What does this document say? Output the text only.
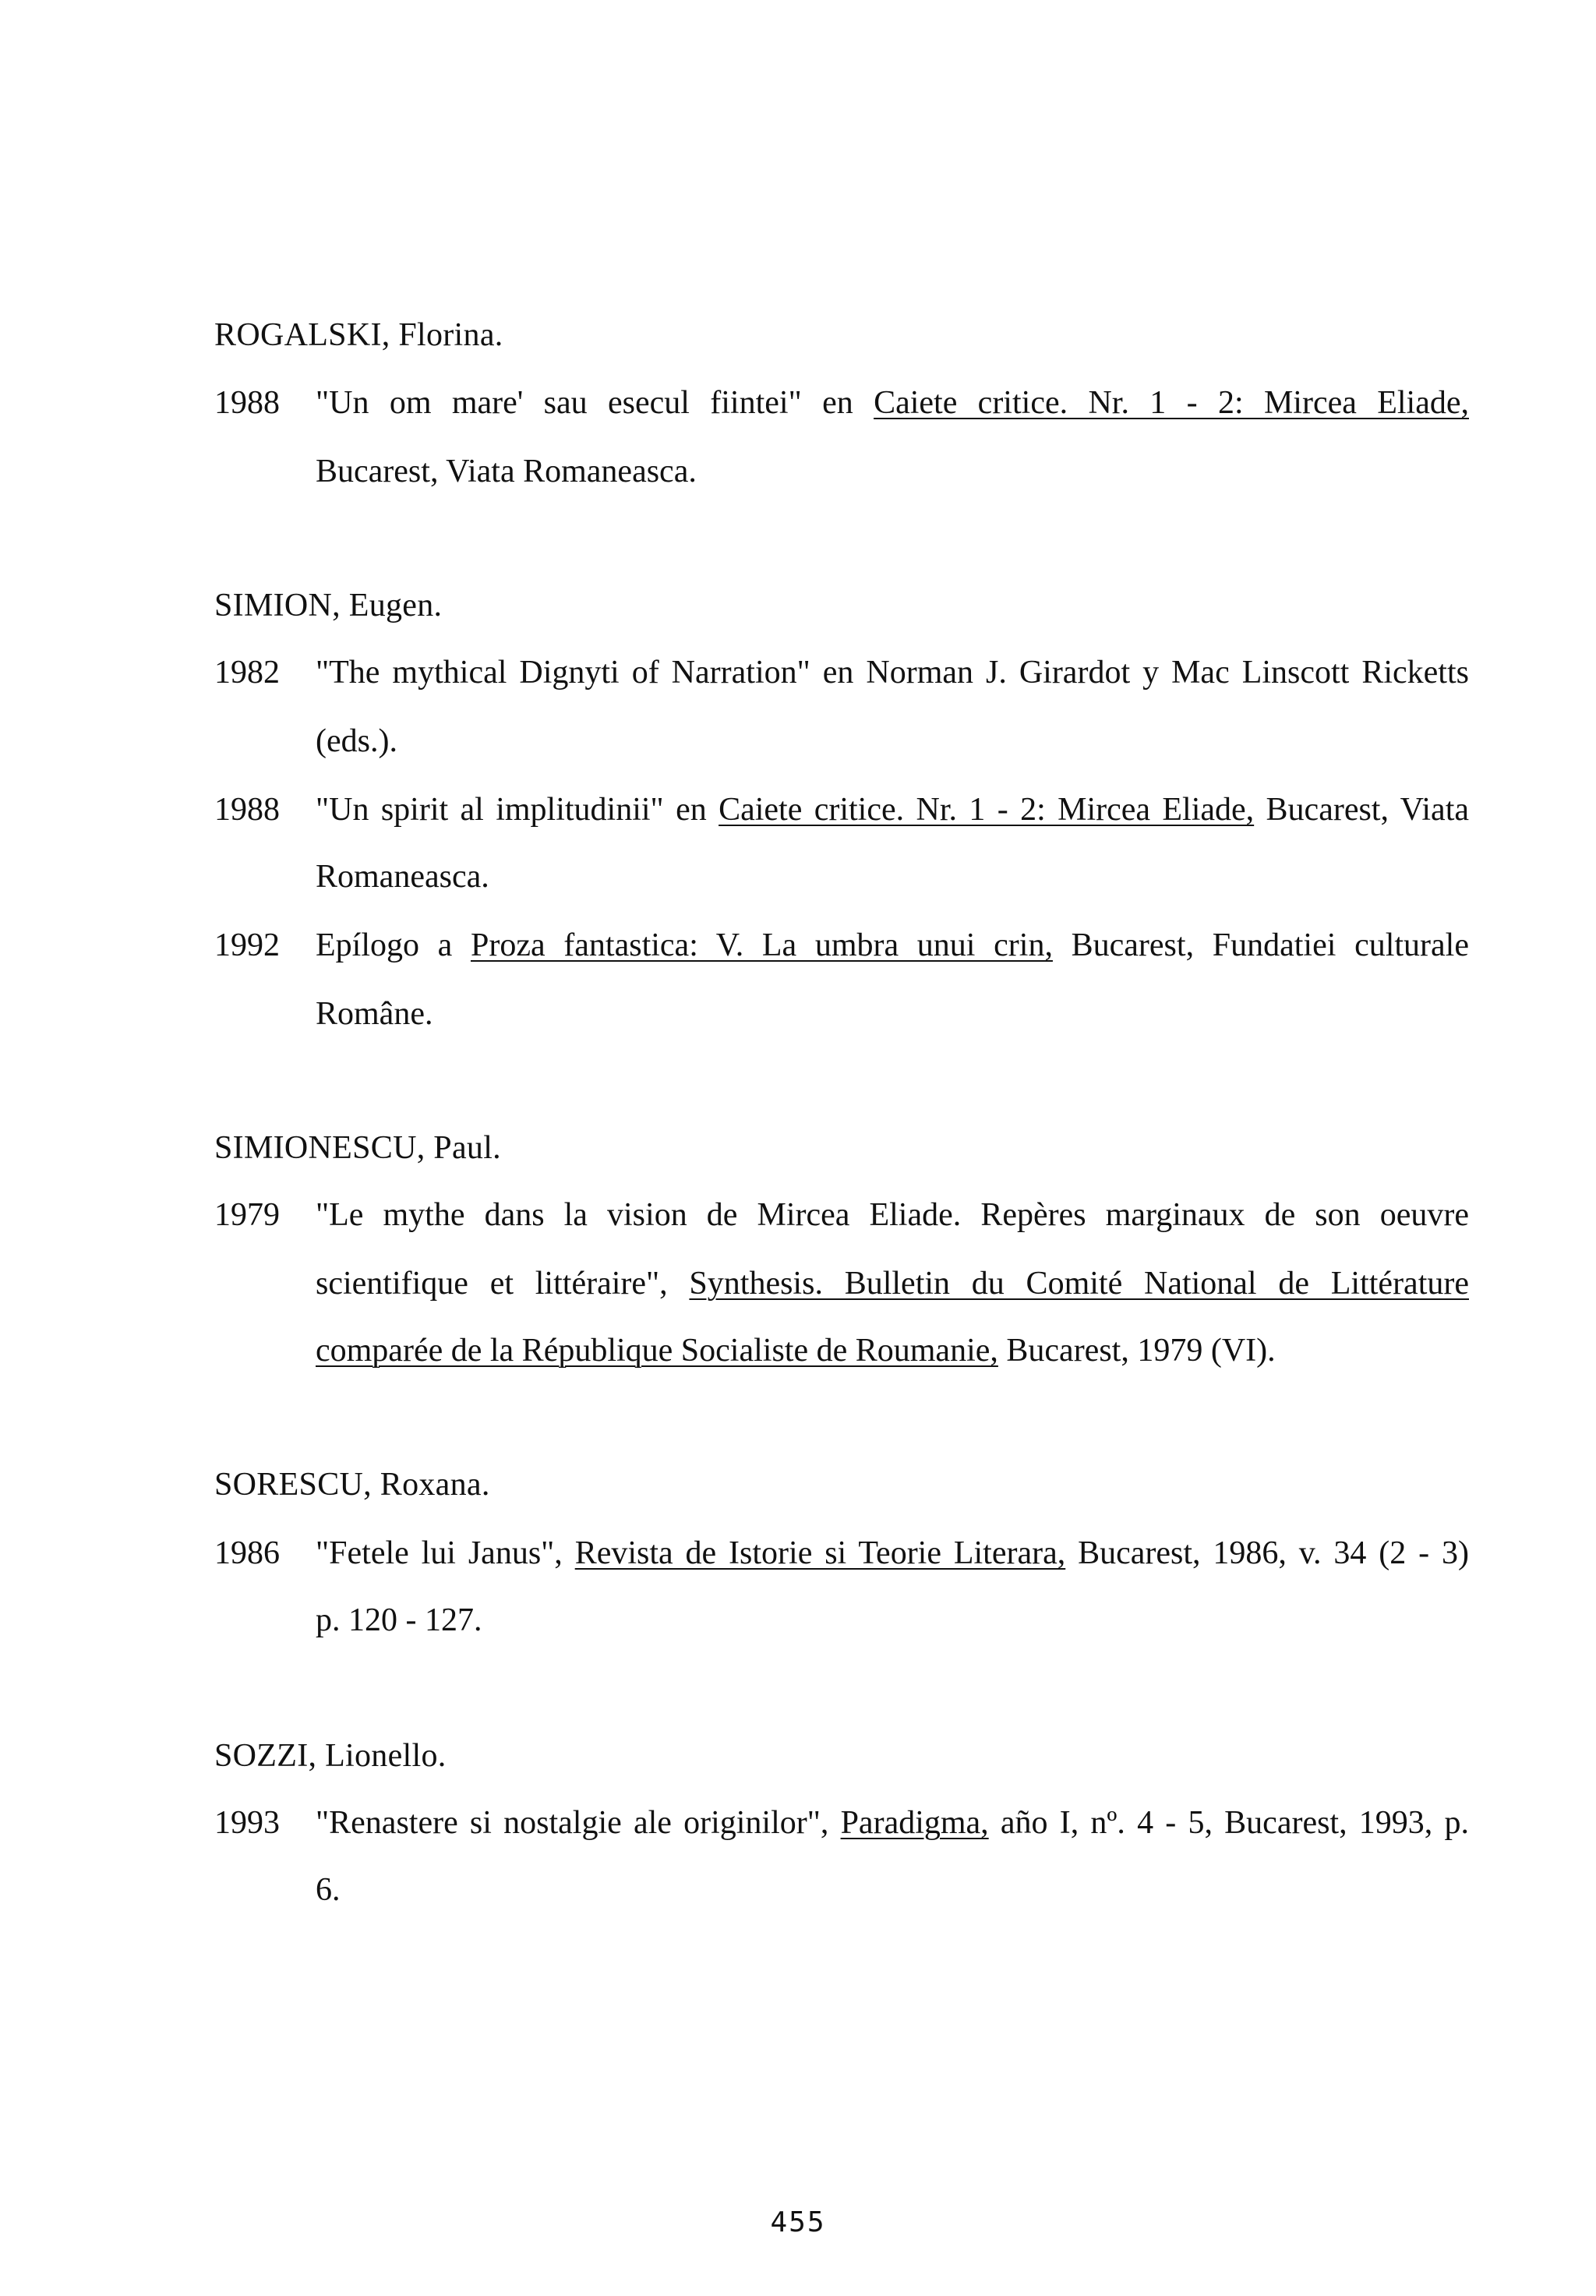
ROGALSKI, Florina.
1988 "Un om mare' sau esecul fiintei" en Caiete critice. Nr. 1 - 2: Mircea Eliade,
Bucarest, Viata Romaneasca.
SIMION, Eugen.
1982 "The mythical Dignyti of Narration" en Norman J. Girardot y Mac Linscott Ricketts
(eds.).
1988 "Un spirit al implitudinii" en Caiete critice. Nr. 1 - 2: Mircea Eliade, Bucarest, Viata
Romaneasca.
1992 Epílogo a Proza fantastica: V. La umbra unui crin, Bucarest, Fundatiei culturale
Române.
SIMIONESCU, Paul.
1979 "Le mythe dans la vision de Mircea Eliade. Repères marginaux de son oeuvre
scientifique et littéraire", Synthesis. Bulletin du Comité National de Littérature
comparée de la République Socialiste de Roumanie, Bucarest, 1979 (VI).
SORESCU, Roxana.
1986 "Fetele lui Janus", Revista de Istorie si Teorie Literara, Bucarest, 1986, v. 34 (2 - 3)
p. 120 - 127.
SOZZI, Lionello.
1993 "Renastere si nostalgie ale originilor", Paradigma, año I, nº. 4 - 5, Bucarest, 1993, p.
6.
455
